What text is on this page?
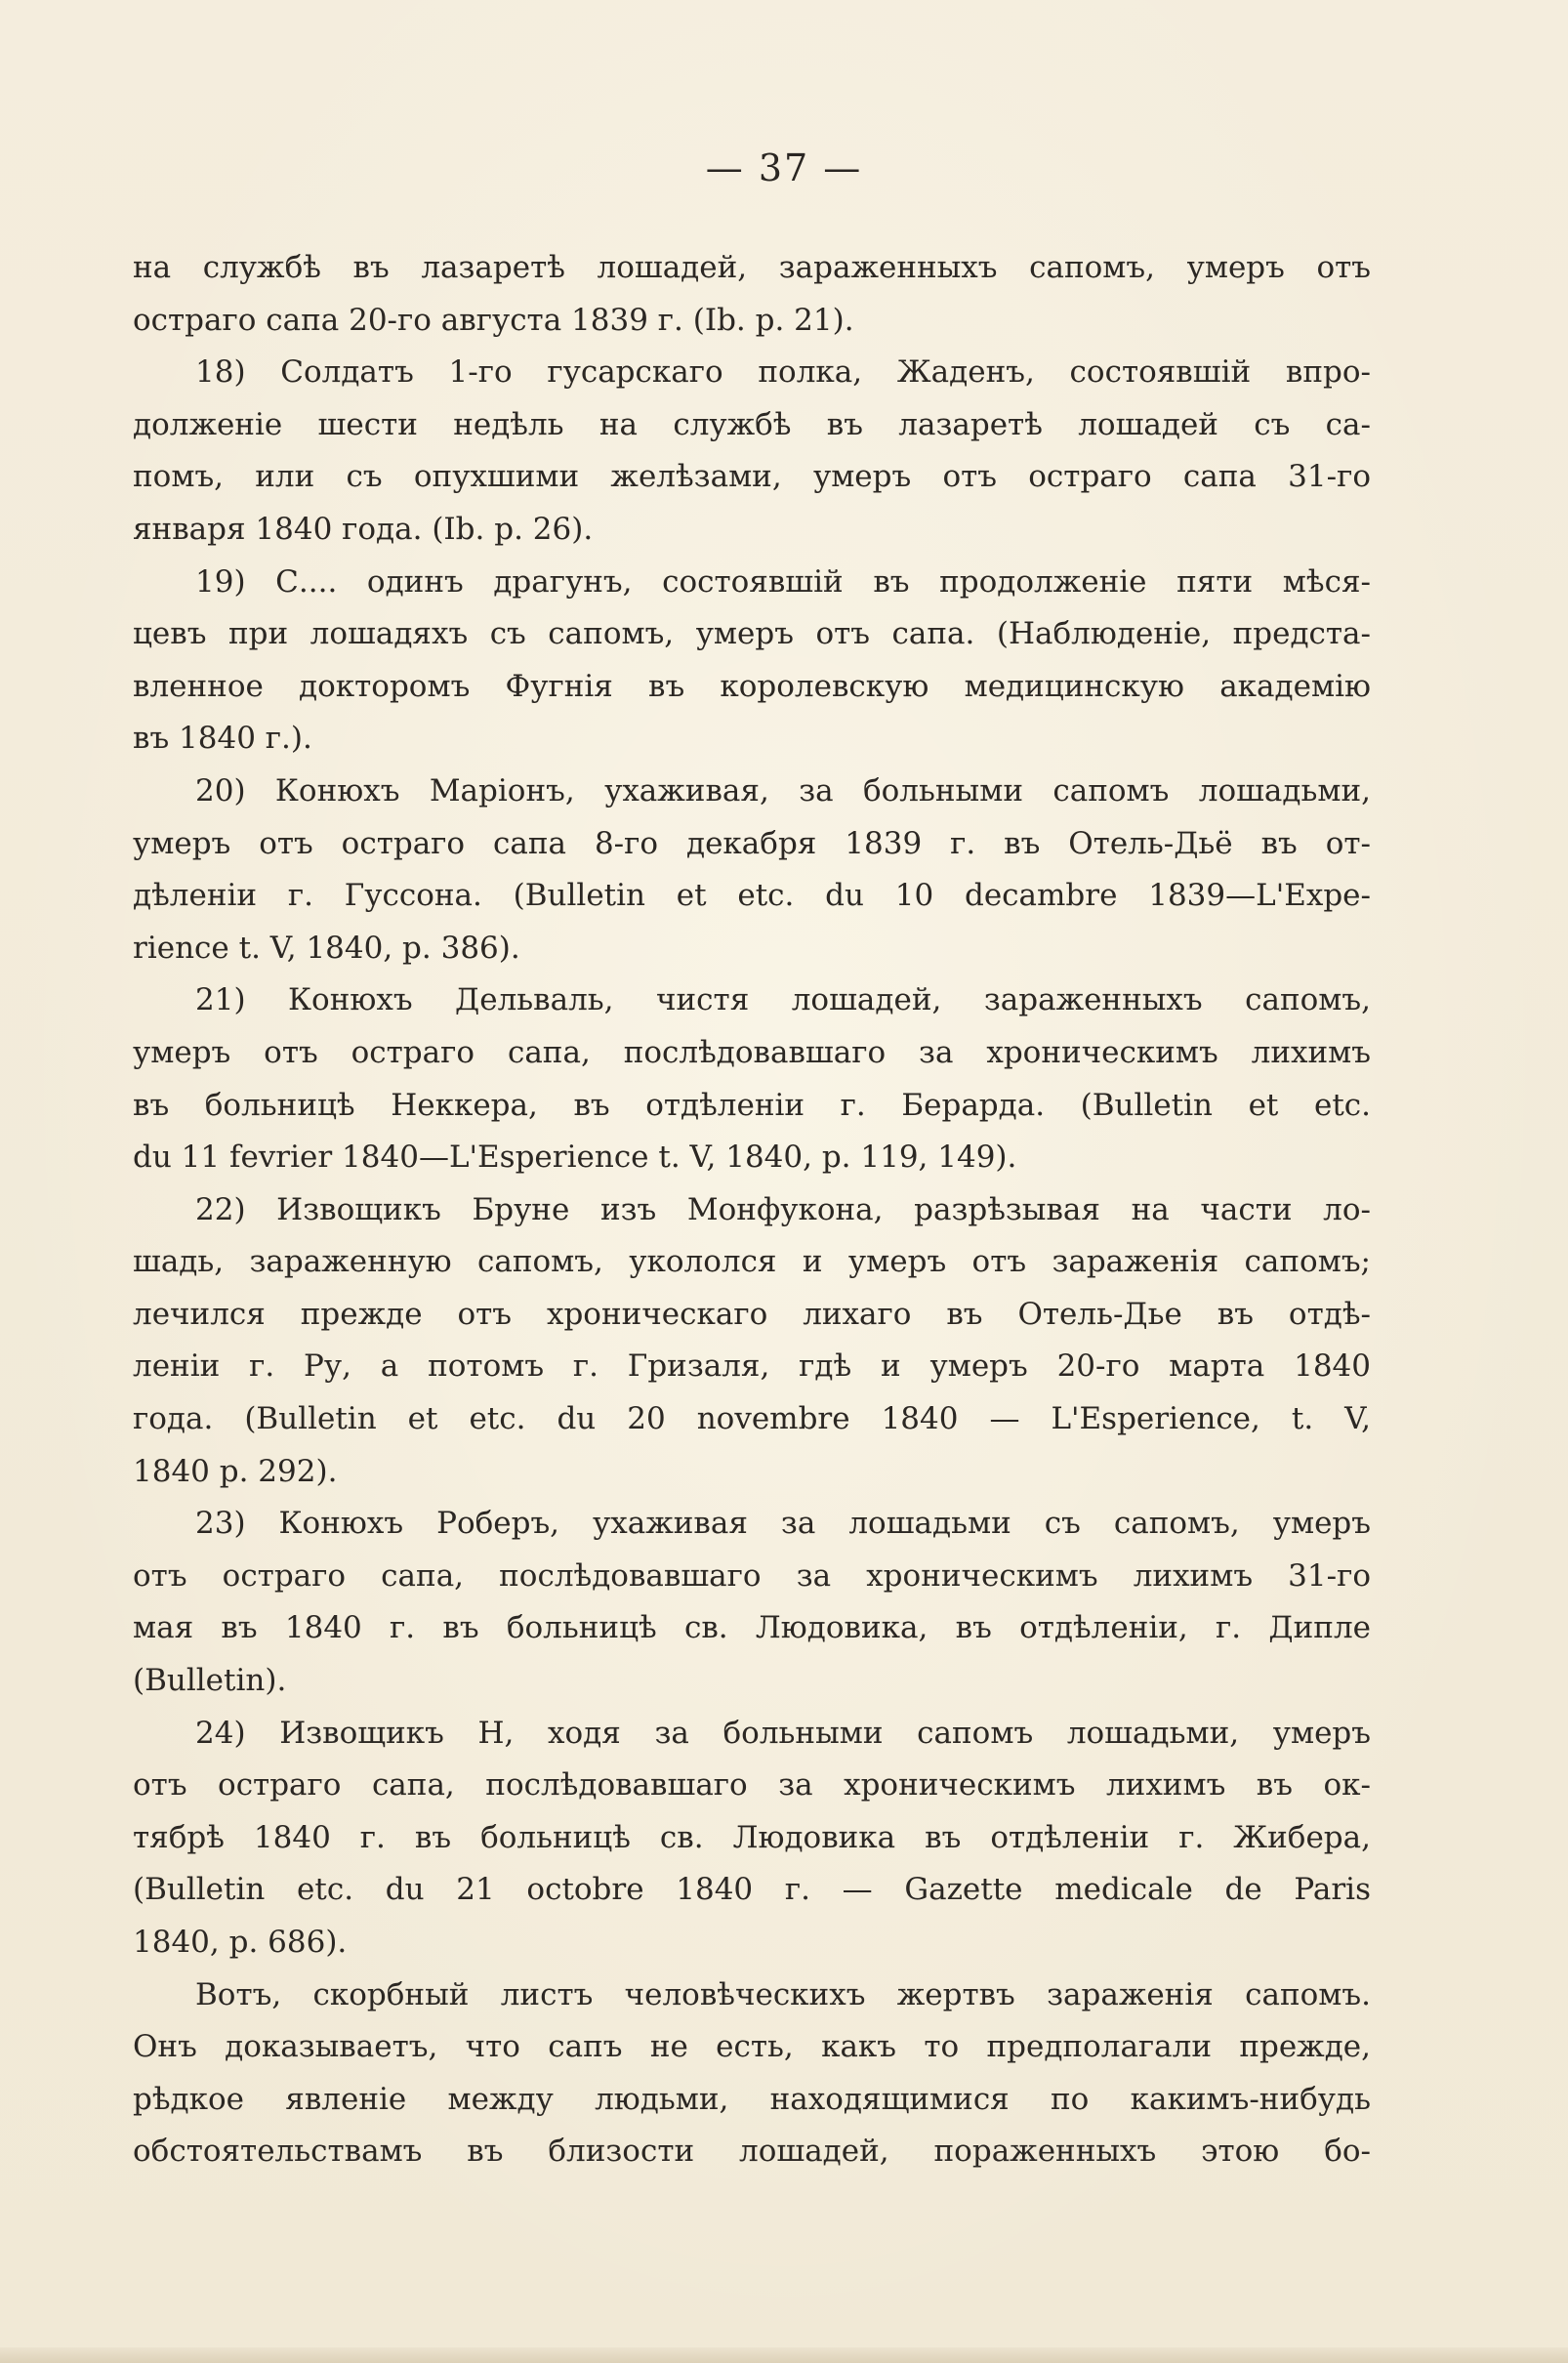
— 37 —
на службѣ въ лазаретѣ лошадей, зараженныхъ сапомъ, умеръ отъ
остраго сапа 20-го августа 1839 г. (Ib. p. 21).
18) Солдатъ 1-го гусарскаго полка, Жаденъ, состоявшій впро-
долженіе шести недѣль на службѣ въ лазаретѣ лошадей съ са-
помъ, или съ опухшими желѣзами, умеръ отъ остраго сапа 31-го
января 1840 года. (Ib. p. 26).
19) С.... одинъ драгунъ, состоявшій въ продолженіе пяти мѣся-
цевъ при лошадяхъ съ сапомъ, умеръ отъ сапа. (Наблюденіе, предста-
вленное докторомъ Фугнія въ королевскую медицинскую академію
въ 1840 г.).
20) Конюхъ Маріонъ, ухаживая, за больными сапомъ лошадьми,
умеръ отъ остраго сапа 8-го декабря 1839 г. въ Отель-Дьё въ от-
дѣленіи г. Гуссона. (Bulletin et etc. du 10 decambre 1839—L'Expe-
rience t. V, 1840, p. 386).
21) Конюхъ Дельваль, чистя лошадей, зараженныхъ сапомъ,
умеръ отъ остраго сапа, послѣдовавшаго за хроническимъ лихимъ
въ больницѣ Неккера, въ отдѣленіи г. Берарда. (Bulletin et etc.
du 11 fevrier 1840—L'Esperience t. V, 1840, p. 119, 149).
22) Извощикъ Бруне изъ Монфукона, разрѣзывая на части ло-
шадь, зараженную сапомъ, укололся и умеръ отъ зараженія сапомъ;
лечился прежде отъ хроническаго лихаго въ Отель-Дье въ отдѣ-
леніи г. Ру, а потомъ г. Гризаля, гдѣ и умеръ 20-го марта 1840
года. (Bulletin et etc. du 20 novembre 1840 — L'Esperience, t. V,
1840 p. 292).
23) Конюхъ Роберъ, ухаживая за лошадьми съ сапомъ, умеръ
отъ остраго сапа, послѣдовавшаго за хроническимъ лихимъ 31-го
мая въ 1840 г. въ больницѣ св. Людовика, въ отдѣленіи, г. Дипле
(Bulletin).
24) Извощикъ Н, ходя за больными сапомъ лошадьми, умеръ
отъ остраго сапа, послѣдовавшаго за хроническимъ лихимъ въ ок-
тябрѣ 1840 г. въ больницѣ св. Людовика въ отдѣленіи г. Жибера,
(Bulletin etc. du 21 octobre 1840 г. — Gazette medicale de Paris
1840, p. 686).
Вотъ, скорбный листъ человѣческихъ жертвъ зараженія сапомъ.
Онъ доказываетъ, что сапъ не есть, какъ то предполагали прежде,
рѣдкое явленіе между людьми, находящимися по какимъ-нибудь
обстоятельствамъ въ близости лошадей, пораженныхъ этою бо-
